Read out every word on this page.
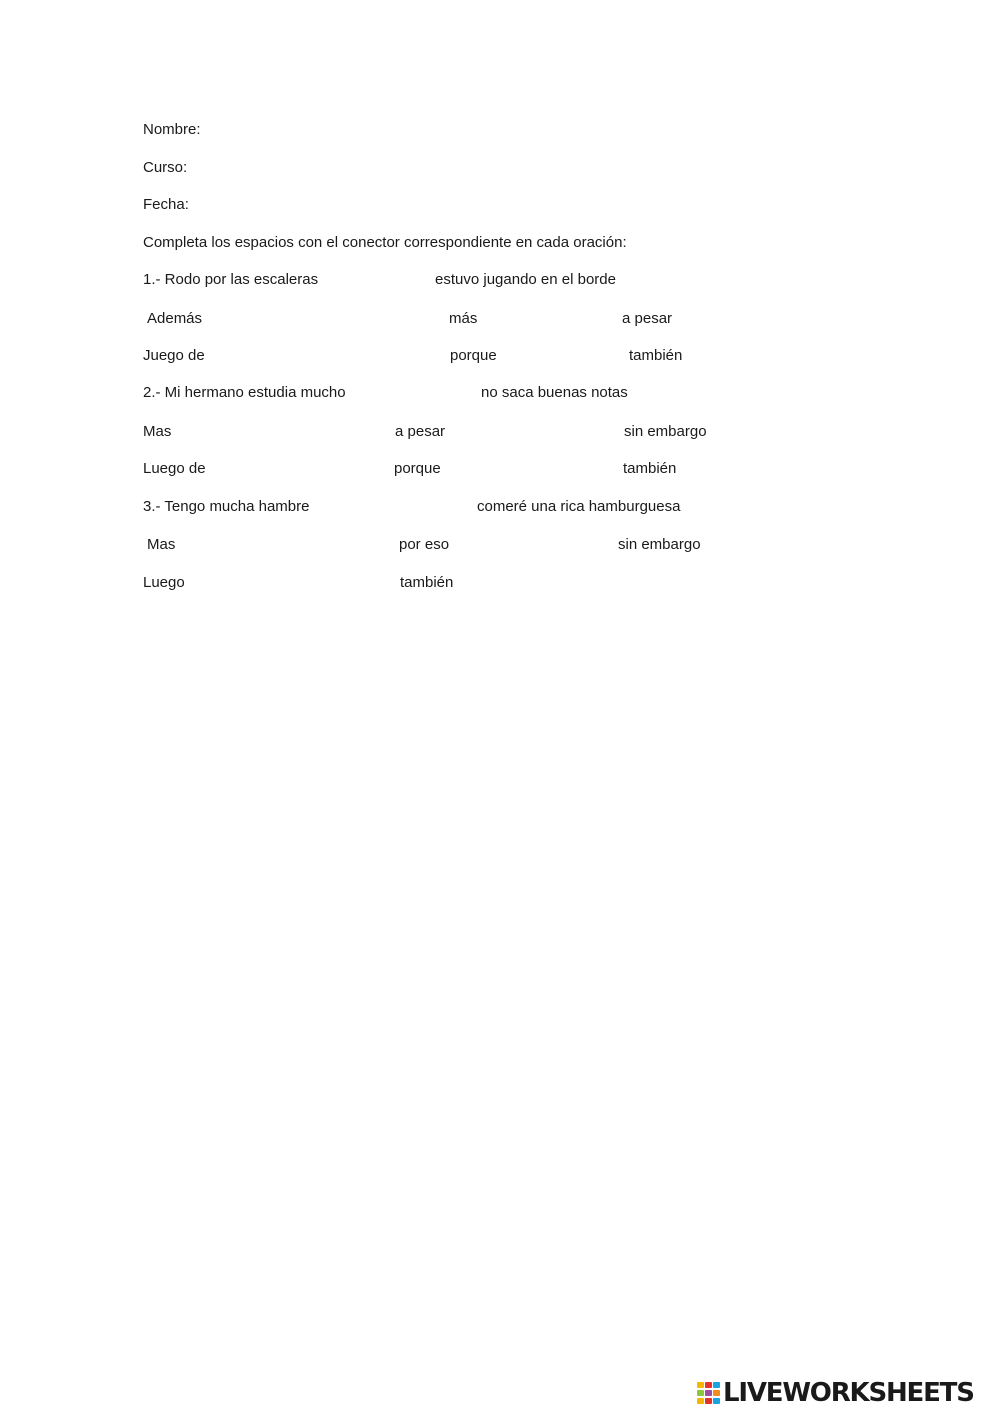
Nombre:
Curso:
Fecha:
Completa los espacios con el conector correspondiente en cada oración:
1.- Rodo por las escaleras	estuvo jugando en el borde
Además	más	a pesar
Juego de	porque	también
2.- Mi hermano estudia mucho	no saca buenas notas
Mas	a pesar	sin embargo
Luego de	porque	también
3.- Tengo mucha hambre	comeré una rica hamburguesa
Mas	por eso	sin embargo
Luego	también
LIVEWORKSHEETS
